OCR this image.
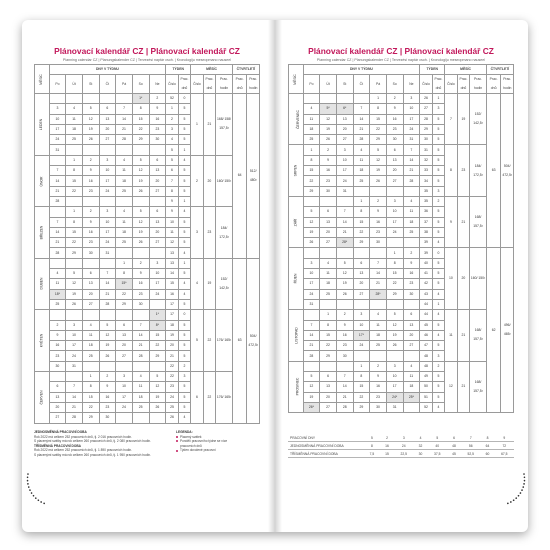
Plánovací kalendář CZ | Plánovací kalendář CZ
Planning calendar CZ | Planungskalender CZ | Tervezési naptár csoh. | Kronologiju meseopmano nauseel
MĚSÍC	DNY V TÝDNU							TÝDEN		MĚSÍC			ČTVRTLETÍ	
	Po	Út	St	Čt	Pá	So	Ne	Číslo	Prac. dnů	Číslo	Prac. dnů	Prac. hodin	Prac. dnů	Prac. hodin
LEDEN						1*	2	52	0	1	21	168/ 158/ 157,5²	64	512/ 480²
	3	4	5	6	7	8	9	1	5					
	10	11	12	13	14	15	16	2	5					
	17	18	19	20	21	22	23	3	5					
	24	25	26	27	28	29	30	4	5					
	31							5	1					
ÚNOR		1	2	3	4	5	6	5	4	2	20	160/ 150²		
	7	8	9	10	11	12	13	6	5					
	14	15	16	17	18	19	20	7	5					
	21	22	23	24	25	26	27	8	5					
	28							9	1					
BŘEZEN		1	2	3	4	5	6	9	4	3	23	184/ 172,5²		
	7	8	9	10	11	12	13	10	5					
	14	15	16	17	18	19	20	11	5					
	21	22	23	24	25	26	27	12	5					
	28	29	30	31				13	4					
DUBEN					1	2	3	13	1	4	19	152/ 142,5²	63	504/ 472,5²
	4	5	6	7	8	9	10	14	5					
	11	12	13	14	15*	16	17	15	4					
	18*	19	20	21	22	23	24	16	4					
	25	26	27	28	29	30		17	5					
KVĚTEN							1*	17	0	5	22	176/ 165²		
	2	3	4	5	6	7	8*	18	5					
	9	10	11	12	13	14	15	19	5					
	16	17	18	19	20	21	22	20	5					
	23	24	25	26	27	28	29	21	5					
	30	31						22	2					
ČERVEN			1	2	3	4	5	22	3	6	22	176/ 165²		
	6	7	8	9	10	11	12	23	5					
	13	14	15	16	17	18	19	24	5					
	20	21	22	23	24	25	26	25	5					
	27	28	29	30				26	4					
JEDNOSMĚNNÁ PRACOVNÍ DOBA
Rok 2022 má celkem 252 pracovních dnů, tj. 2 016 pracovních hodin.
S placenými svátky má rok celkem 260 pracovních dnů, tj. 2 080 pracovních hodin.
TŘÍSMĚNNÁ PRACOVNÍ DOBA
Rok 2022 má celkem 252 pracovních dnů, tj. 1 890 pracovních hodin.
S placenými svátky má rok celkem 260 pracovních dnů, tj. 1 950 pracovních hodin.
LEGENDA:
Placený svátek
Pondělí pracovního týdne se více
pracovních dnů
Týden dovolené pracovní
Plánovací kalendář CZ | Plánovací kalendář CZ
Planning calendar CZ | Planungskalender CZ | Tervezési naptár csoh. | Kronologiju meseopmano nauseel
MĚSÍC	DNY V TÝDNU							TÝDEN		MĚSÍC			ČTVRTLETÍ	
	Po	Út	St	Čt	Pá	So	Ne	Číslo	Prac. dnů	Číslo	Prac. dnů	Prac. hodin	Prac. dnů	Prac. hodin
ČERVENEC					1	2	3	26	1	7	19	152/ 142,5²	63	504/ 472,5²
	4	5*	6*	7	8	9	10	27	3					
	11	12	13	14	15	16	17	28	5					
	18	19	20	21	22	23	24	29	5					
	25	26	27	28	29	30	31	30	5					
SRPEN	1	2	3	4	5	6	7	31	5	8	23	184/ 172,5²		
	8	9	10	11	12	13	14	32	5					
	15	16	17	18	19	20	21	33	5					
	22	23	24	25	26	27	28	34	5					
	29	30	31					35	3					
ZÁŘÍ				1	2	3	4	35	2	9	21	168/ 157,5²		
	5	6	7	8	9	10	11	36	5					
	12	13	14	15	16	17	18	37	5					
	19	20	21	22	23	24	25	38	5					
	26	27	28*	29	30			39	4					
ŘÍJEN						1	2	39	0	10	20	160/ 150²	62	496/ 465²
	3	4	5	6	7	8	9	40	5					
	10	11	12	13	14	15	16	41	5					
	17	18	19	20	21	22	23	42	5					
	24	25	26	27	28*	29	30	43	4					
	31							44	1					
LISTOPAD		1	2	3	4	5	6	44	4	11	21	168/ 157,5²		
	7	8	9	10	11	12	13	45	5					
	14	15	16	17*	18	19	20	46	4					
	21	22	23	24	25	26	27	47	5					
	28	29	30					48	3					
PROSINEC				1	2	3	4	48	2	12	21	168/ 157,5²		
	5	6	7	8	9	10	11	49	5					
	12	13	14	15	16	17	18	50	5					
	19	20	21	22	23	24*	25*	51	5					
	26*	27	28	29	30	31		52	4					
PRACOVNÍ DNY	5	2	3	4	5	6	7	8	9
JEDNOSMĚNNÁ PRACOVNÍ DOBA	8	16	24	32	40	48	56	64	72
TŘÍSMĚNNÁ PRACOVNÍ DOBA	7,5	15	22,5	30	37,5	45	52,5	60	67,5
